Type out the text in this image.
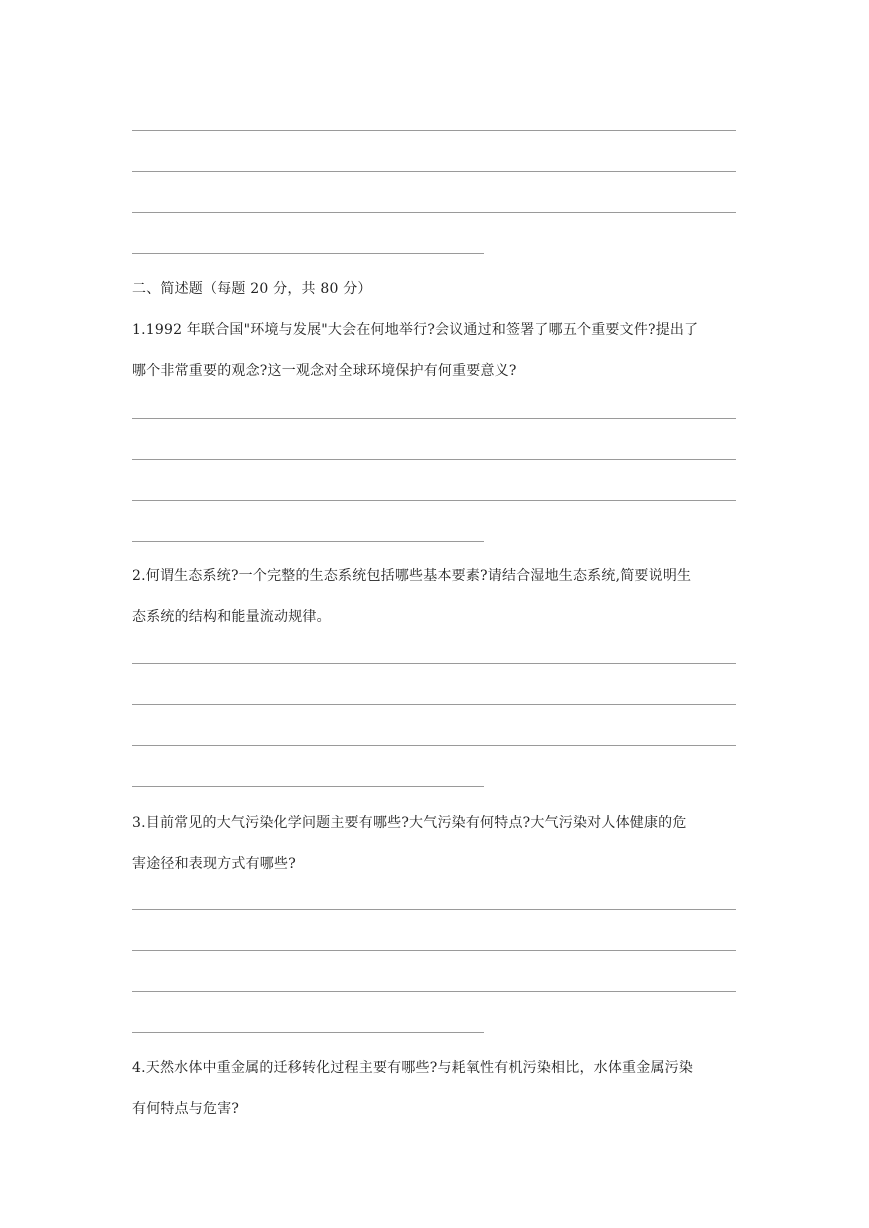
二、简述题（每题 20 分，共 80 分）
1.1992 年联合国"环境与发展"大会在何地举行?会议通过和签署了哪五个重要文件?提出了
哪个非常重要的观念?这一观念对全球环境保护有何重要意义?
2.何谓生态系统?一个完整的生态系统包括哪些基本要素?请结合湿地生态系统,简要说明生
态系统的结构和能量流动规律。
3.目前常见的大气污染化学问题主要有哪些?大气污染有何特点?大气污染对人体健康的危
害途径和表现方式有哪些?
4.天然水体中重金属的迁移转化过程主要有哪些?与耗氧性有机污染相比，水体重金属污染
有何特点与危害?
